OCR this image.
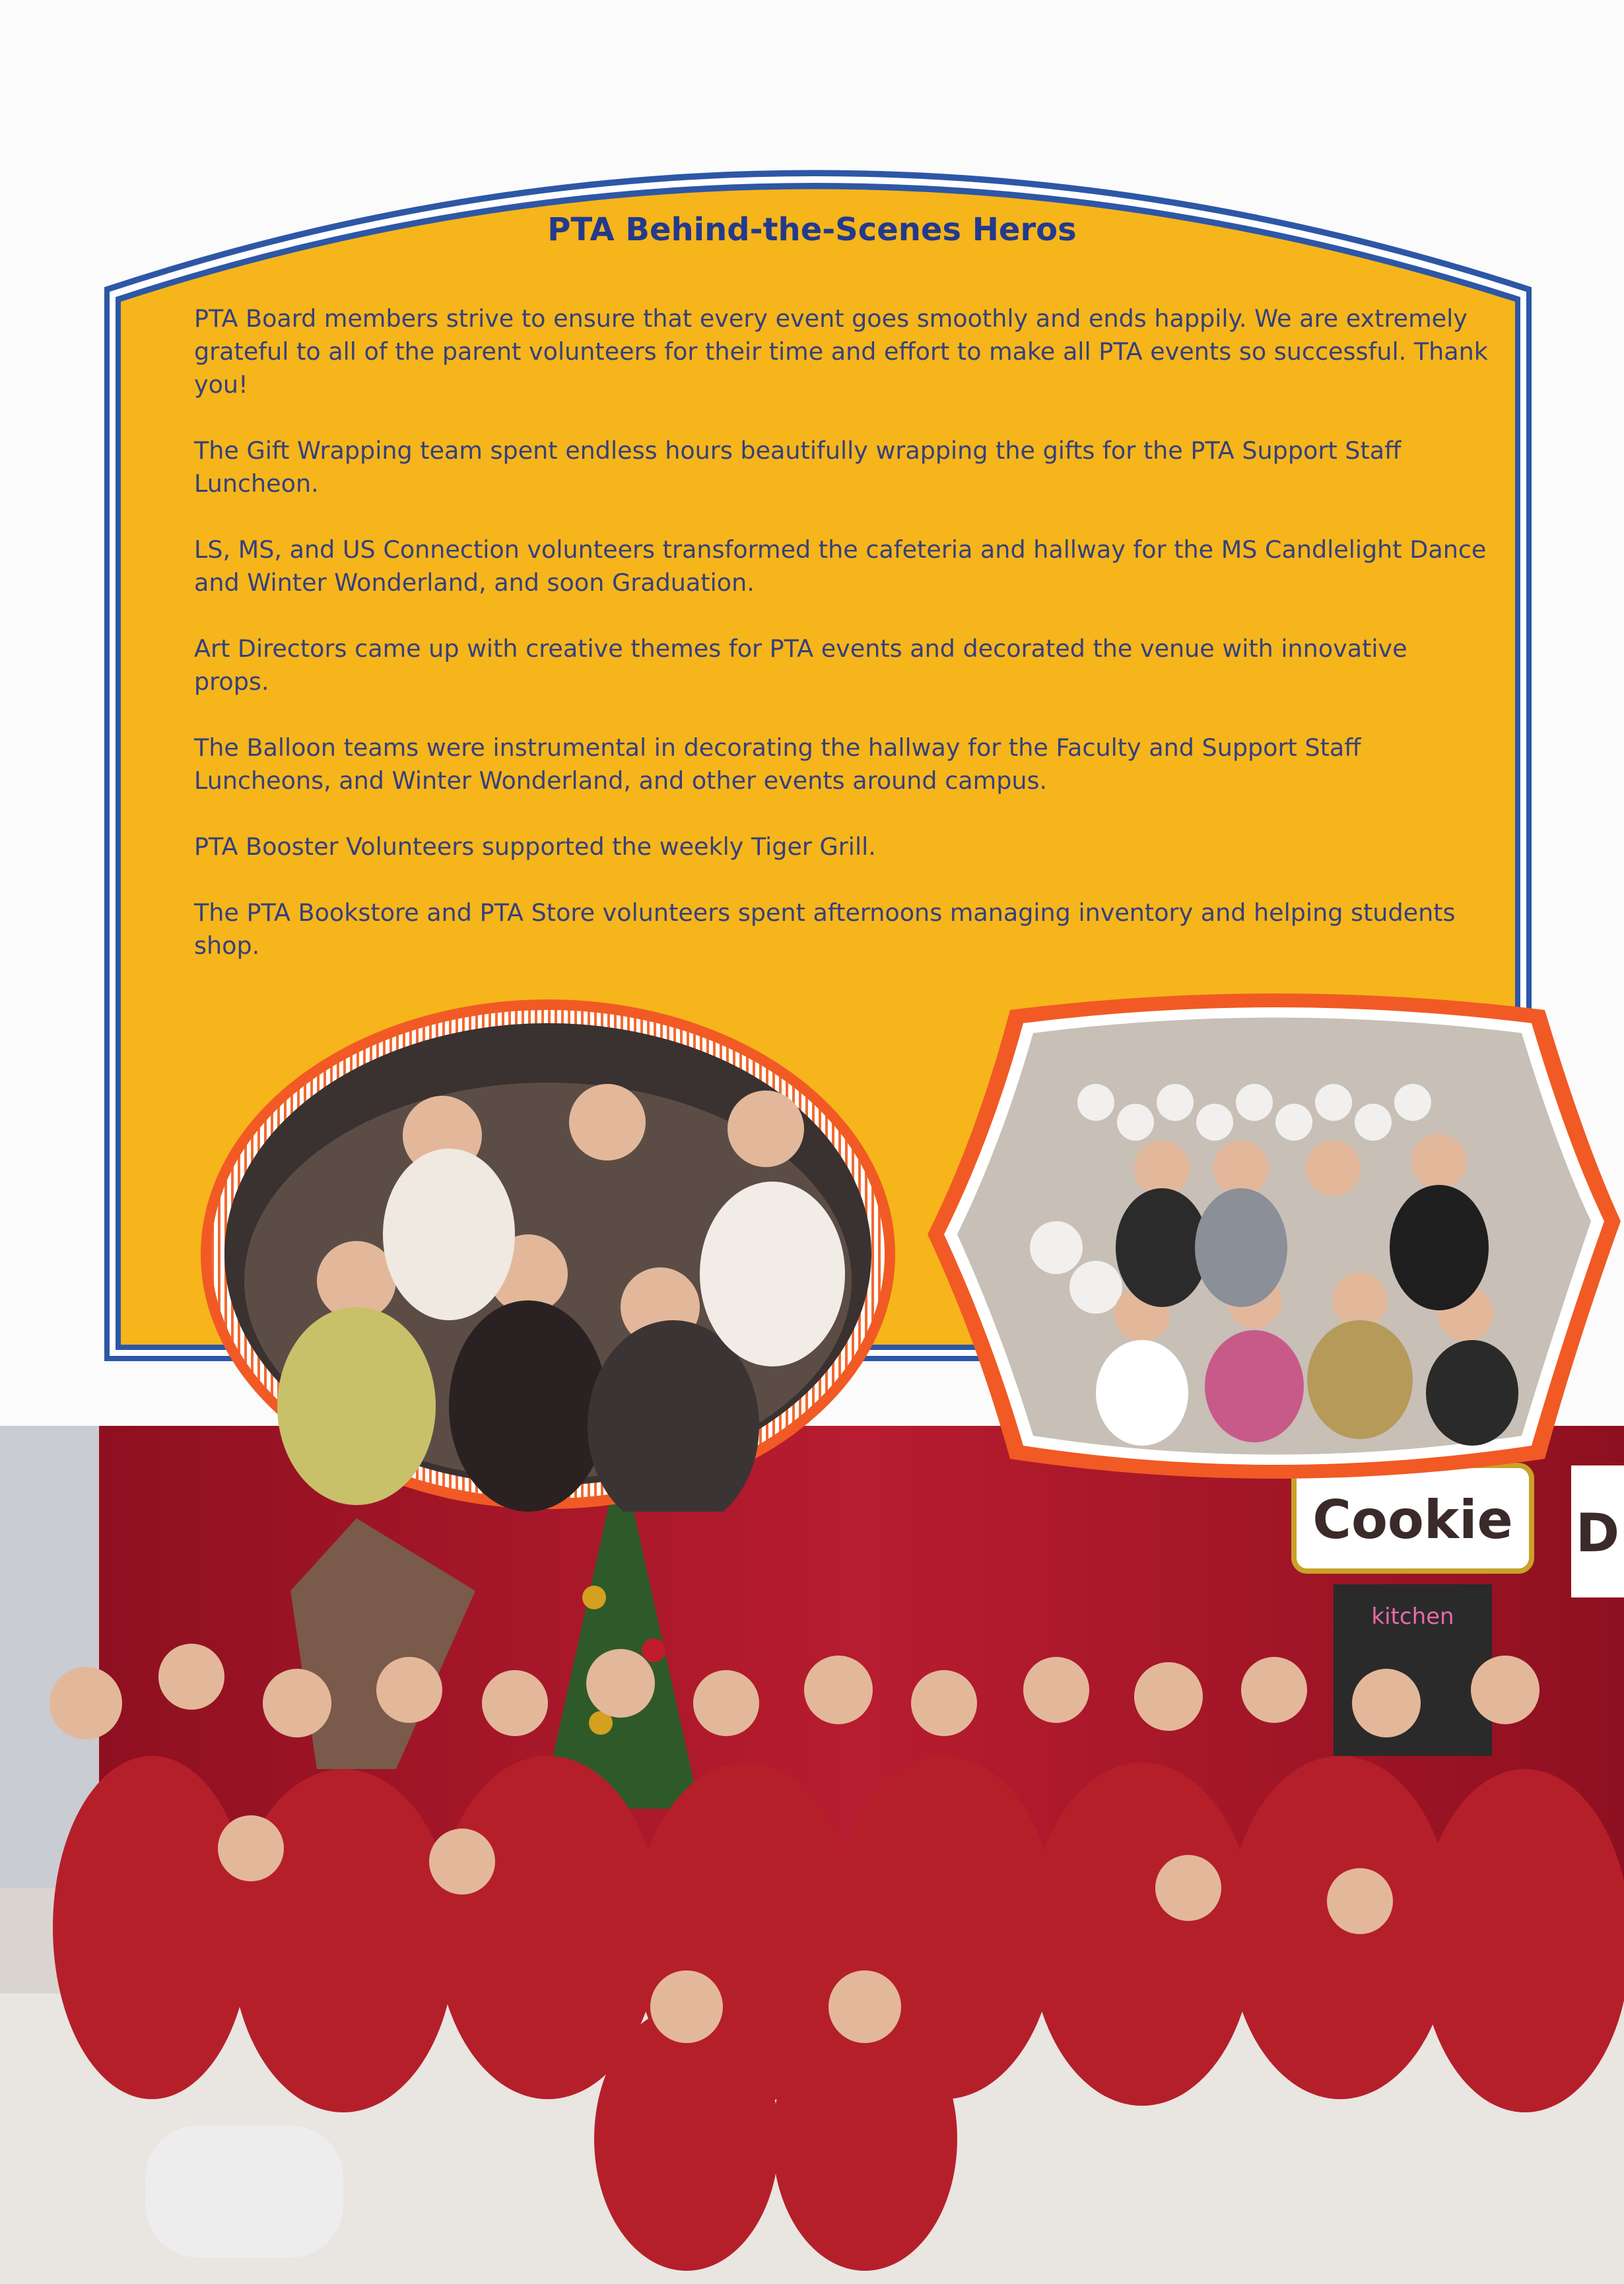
PTA Behind-the-Scenes Heros

PTA Board members strive to ensure that every event goes smoothly and ends happily. We are extremely grateful to all of the parent volunteers for their time and effort to make all PTA events so successful. Thank you!

The Gift Wrapping team spent endless hours beautifully wrapping the gifts for the PTA Support Staff Luncheon.

LS, MS, and US Connection volunteers transformed the cafeteria and hallway for the MS Candlelight Dance and Winter Wonderland, and soon Graduation.

Art Directors came up with creative themes for PTA events and decorated the venue with innovative props.

The Balloon teams were instrumental in decorating the hallway for the Faculty and Support Staff Luncheons, and Winter Wonderland, and other events around campus.

PTA Booster Volunteers supported the weekly Tiger Grill.

The PTA Bookstore and PTA Store volunteers spent afternoons managing inventory and helping students shop.

Cookie
kitchen
D
